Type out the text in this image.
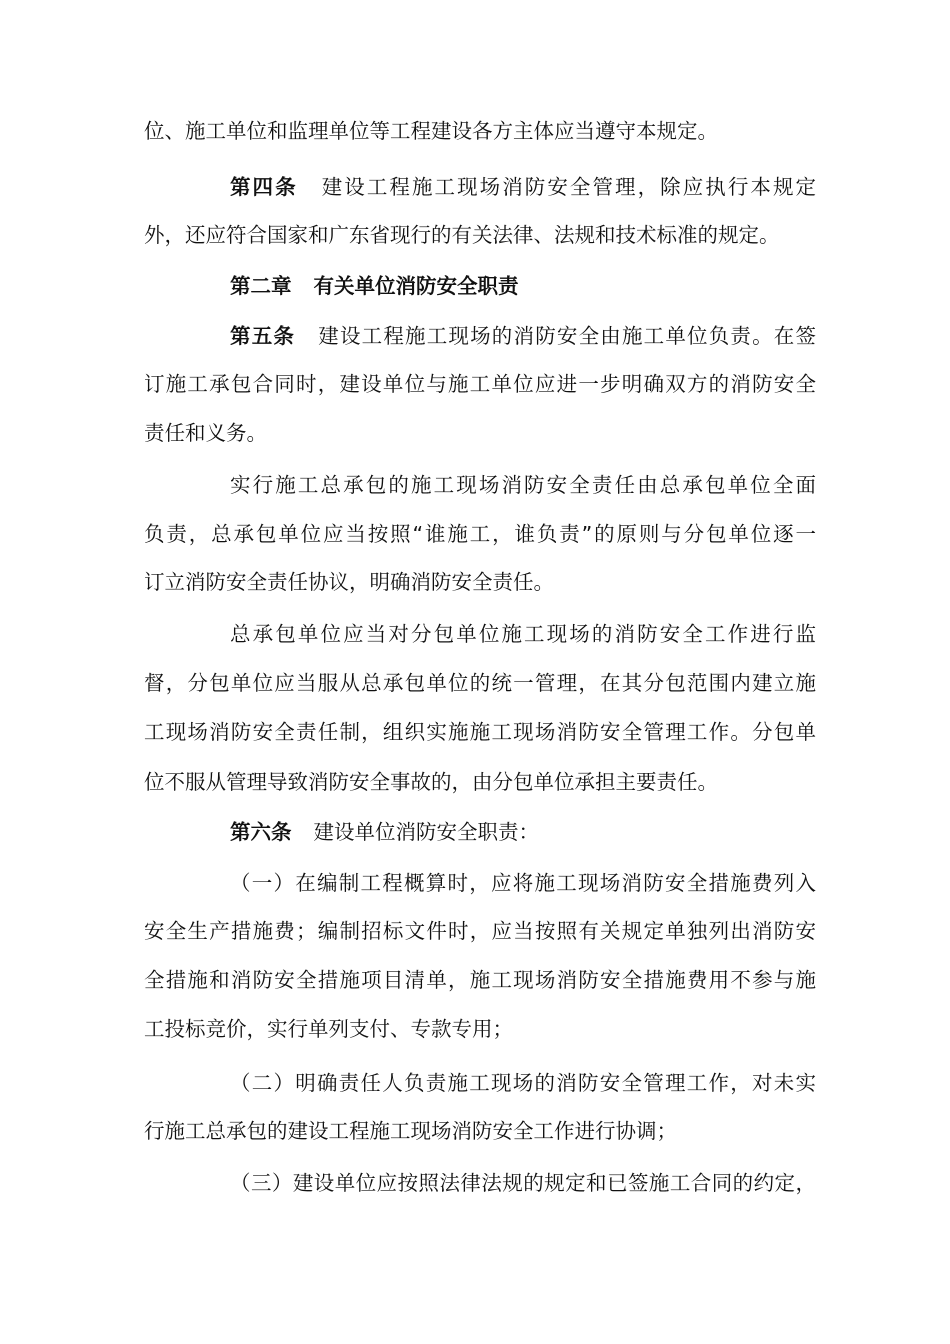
位、施工单位和监理单位等工程建设各方主体应当遵守本规定。
第四条 建设工程施工现场消防安全管理，除应执行本规定
外，还应符合国家和广东省现行的有关法律、法规和技术标准的规定。
第二章 有关单位消防安全职责
第五条 建设工程施工现场的消防安全由施工单位负责。在签
订施工承包合同时，建设单位与施工单位应进一步明确双方的消防安全
责任和义务。
实行施工总承包的施工现场消防安全责任由总承包单位全面
负责，总承包单位应当按照“谁施工，谁负责”的原则与分包单位逐一
订立消防安全责任协议，明确消防安全责任。
总承包单位应当对分包单位施工现场的消防安全工作进行监
督，分包单位应当服从总承包单位的统一管理，在其分包范围内建立施
工现场消防安全责任制，组织实施施工现场消防安全管理工作。分包单
位不服从管理导致消防安全事故的，由分包单位承担主要责任。
第六条 建设单位消防安全职责：
（一）在编制工程概算时，应将施工现场消防安全措施费列入
安全生产措施费；编制招标文件时，应当按照有关规定单独列出消防安
全措施和消防安全措施项目清单，施工现场消防安全措施费用不参与施
工投标竞价，实行单列支付、专款专用；
（二）明确责任人负责施工现场的消防安全管理工作，对未实
行施工总承包的建设工程施工现场消防安全工作进行协调；
（三）建设单位应按照法律法规的规定和已签施工合同的约定，
